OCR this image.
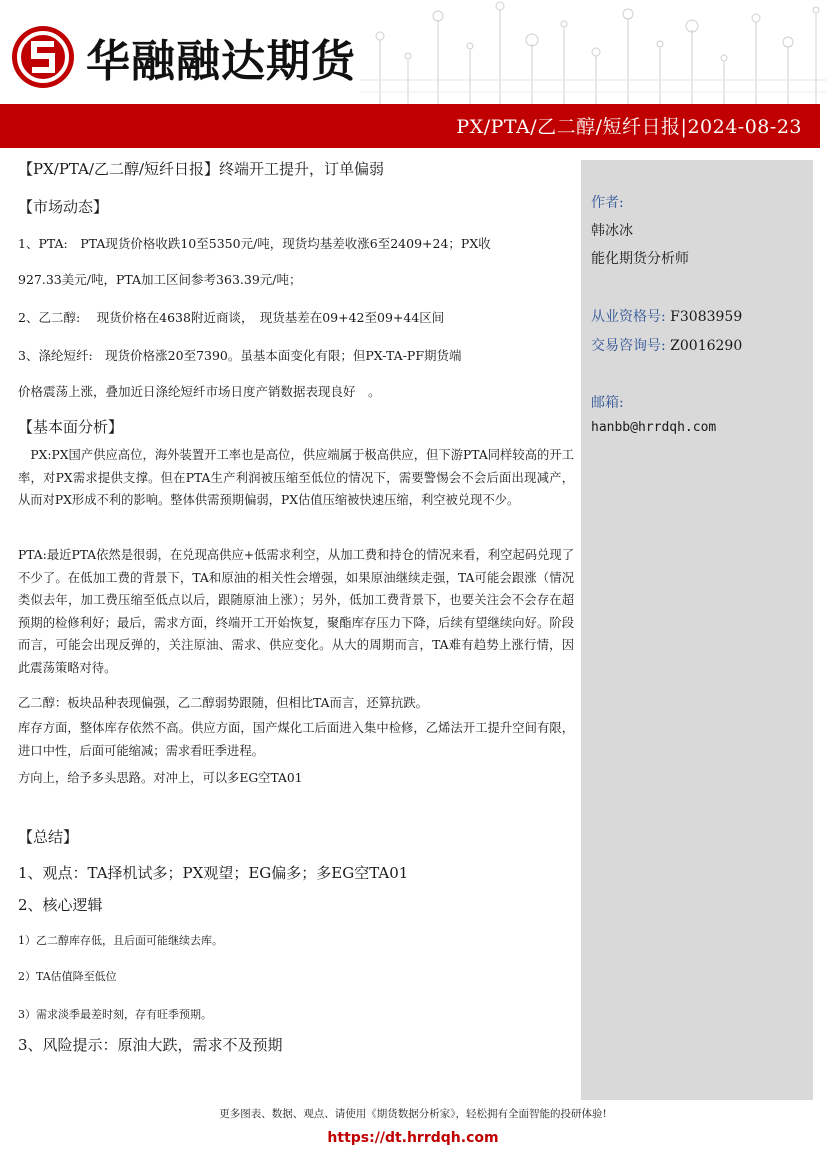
华融融达期货
PX/PTA/乙二醇/短纤日报|2024-08-23
【PX/PTA/乙二醇/短纤日报】终端开工提升，订单偏弱
【市场动态】
1、PTA:　PTA现货价格收跌10至5350元/吨，现货均基差收涨6至2409+24；PX收
927.33美元/吨，PTA加工区间参考363.39元/吨；
2、乙二醇:　 现货价格在4638附近商谈，　现货基差在09+42至09+44区间
3、涤纶短纤:　现货价格涨20至7390。虽基本面变化有限；但PX-TA-PF期货端
价格震荡上涨，叠加近日涤纶短纤市场日度产销数据表现良好　。
【基本面分析】
　PX:PX国产供应高位，海外装置开工率也是高位，供应端属于极高供应，但下游PTA同样较高的开工率，对PX需求提供支撑。但在PTA生产利润被压缩至低位的情况下，需要警惕会不会后面出现减产，从而对PX形成不利的影响。整体供需预期偏弱，PX估值压缩被快速压缩，利空被兑现不少。
PTA:最近PTA依然是很弱，在兑现高供应+低需求利空，从加工费和持仓的情况来看，利空起码兑现了不少了。在低加工费的背景下，TA和原油的相关性会增强，如果原油继续走强，TA可能会跟涨（情况类似去年，加工费压缩至低点以后，跟随原油上涨）；另外，低加工费背景下，也要关注会不会存在超预期的检修利好；最后，需求方面，终端开工开始恢复，聚酯库存压力下降，后续有望继续向好。阶段而言，可能会出现反弹的，关注原油、需求、供应变化。从大的周期而言，TA难有趋势上涨行情，因此震荡策略对待。
乙二醇：板块品种表现偏强，乙二醇弱势跟随，但相比TA而言，还算抗跌。
库存方面，整体库存依然不高。供应方面，国产煤化工后面进入集中检修，乙烯法开工提升空间有限，进口中性，后面可能缩减；需求看旺季进程。
方向上，给予多头思路。对冲上，可以多EG空TA01
【总结】
1、观点：TA择机试多；PX观望；EG偏多；多EG空TA01
2、核心逻辑
1）乙二醇库存低，且后面可能继续去库。
2）TA估值降至低位
3）需求淡季最差时刻，存有旺季预期。
3、风险提示：原油大跌，需求不及预期
作者:
韩冰冰
能化期货分析师
从业资格号: F3083959
交易咨询号: Z0016290
邮箱:
hanbb@hrrdqh.com
更多图表、数据、观点、请使用《期货数据分析家》，轻松拥有全面智能的投研体验!
https://dt.hrrdqh.com
